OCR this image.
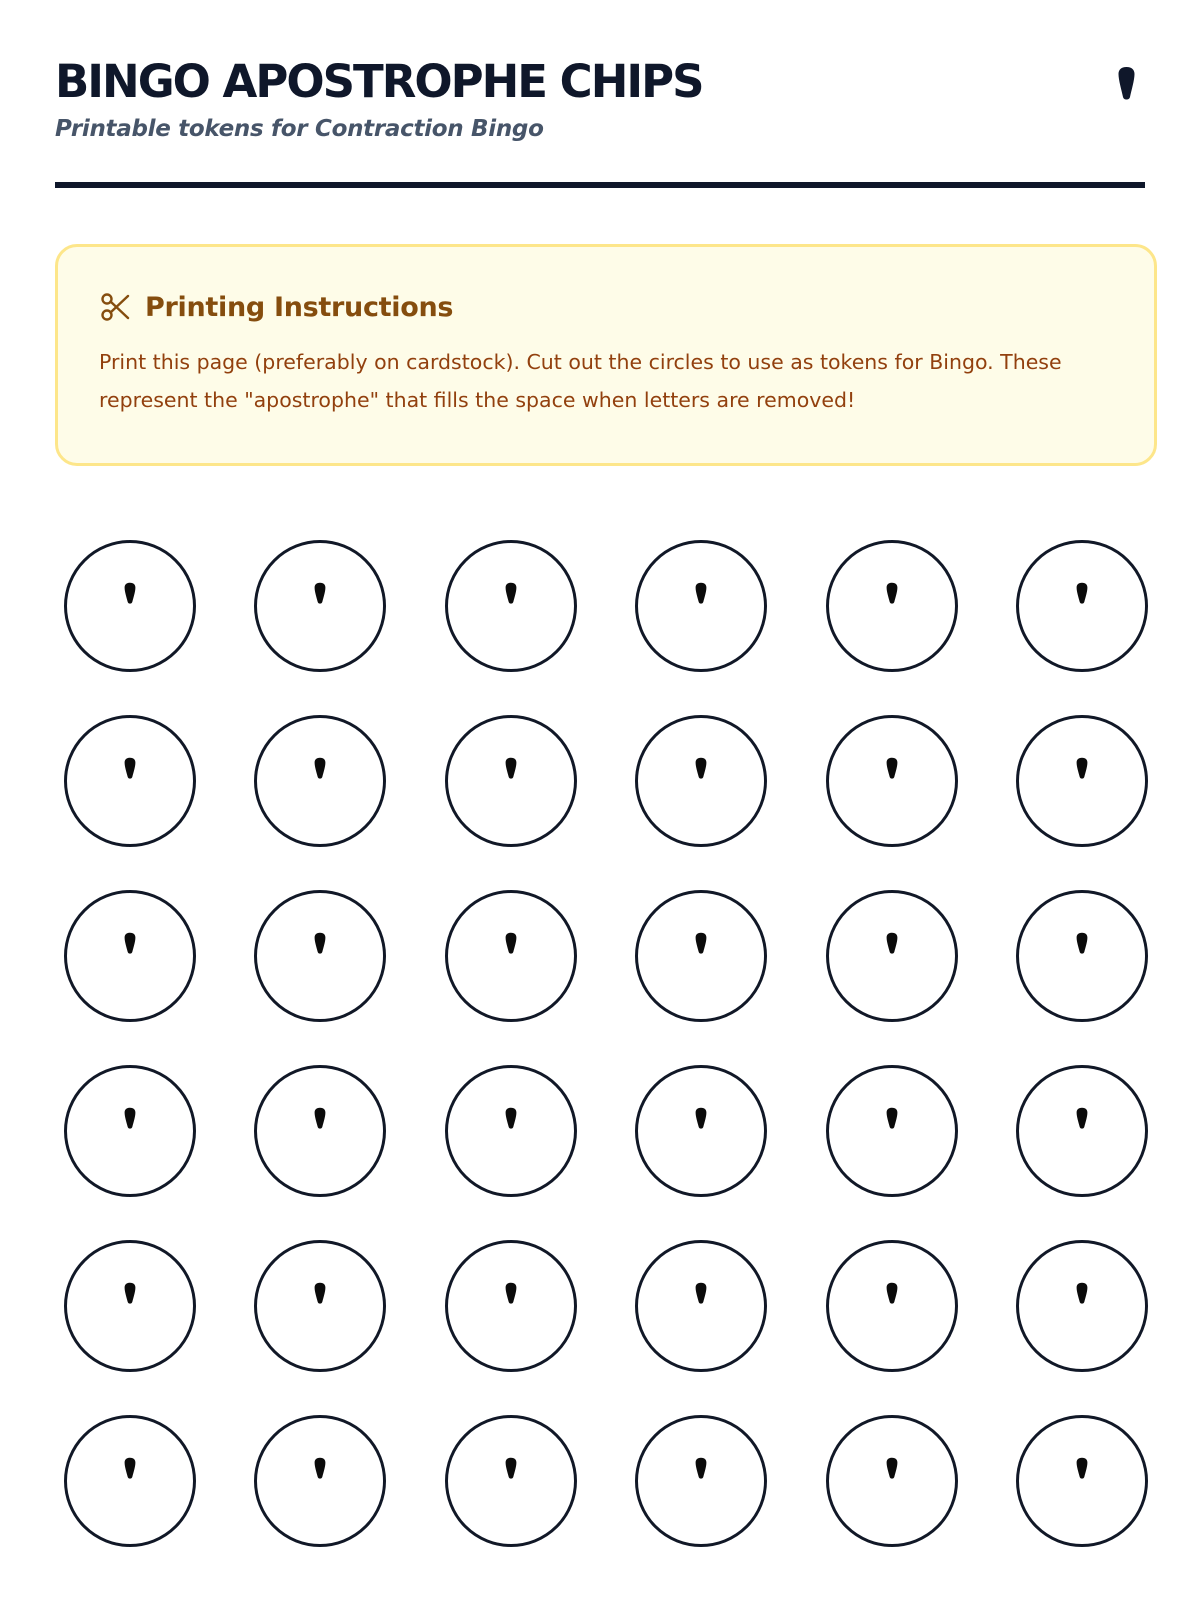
BINGO APOSTROPHE CHIPS
Printable tokens for Contraction Bingo
Printing Instructions

Print this page (preferably on cardstock). Cut out the circles to use as tokens for Bingo. These represent the "apostrophe" that fills the space when letters are removed!
